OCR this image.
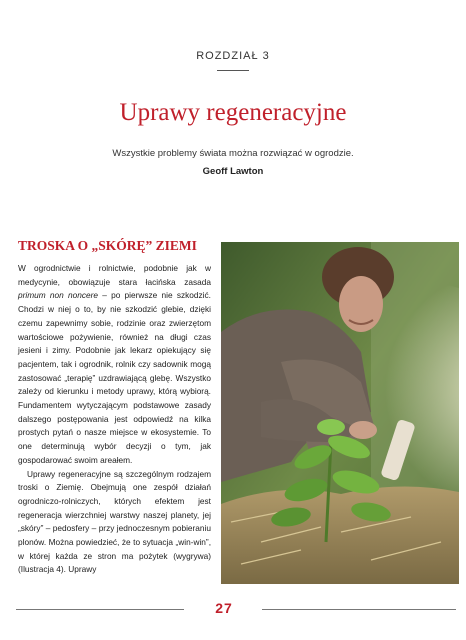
ROZDZIAŁ 3
Uprawy regeneracyjne
Wszystkie problemy świata można rozwiązać w ogrodzie.
Geoff Lawton
TROSKA O „SKÓRĘ” ZIEMI

W ogrodnictwie i rolnictwie, podobnie jak w medycynie, obowiązuje stara łacińska zasada primum non noncere – po pierwsze nie szkodzić. Chodzi w niej o to, by nie szkodzić glebie, dzięki czemu zapewnimy sobie, rodzinie oraz zwierzętom wartościowe pożywienie, również na długi czas jesieni i zimy. Podobnie jak lekarz opiekujący się pacjentem, tak i ogrodnik, rolnik czy sadownik mogą zastosować „terapię” uzdrawiającą glebę. Wszystko zależy od kierunku i metody uprawy, którą wybiorą. Fundamentem wytyczającym podstawowe zasady dalszego postępowania jest odpowiedź na kilka prostych pytań o nasze miejsce w ekosystemie. To one determinują wybór decyzji o tym, jak gospodarować swoim areałem.

Uprawy regeneracyjne są szczególnym rodzajem troski o Ziemię. Obejmują one zespół działań ogrodniczo-rolniczych, których efektem jest regeneracja wierzchniej warstwy naszej planety, jej „skóry” – pedosfery – przy jednoczesnym pobieraniu plonów. Można powiedzieć, że to sytuacja „win-win”, w której każda ze stron ma pożytek (wygrywa) (Ilustracja 4). Uprawy

27
